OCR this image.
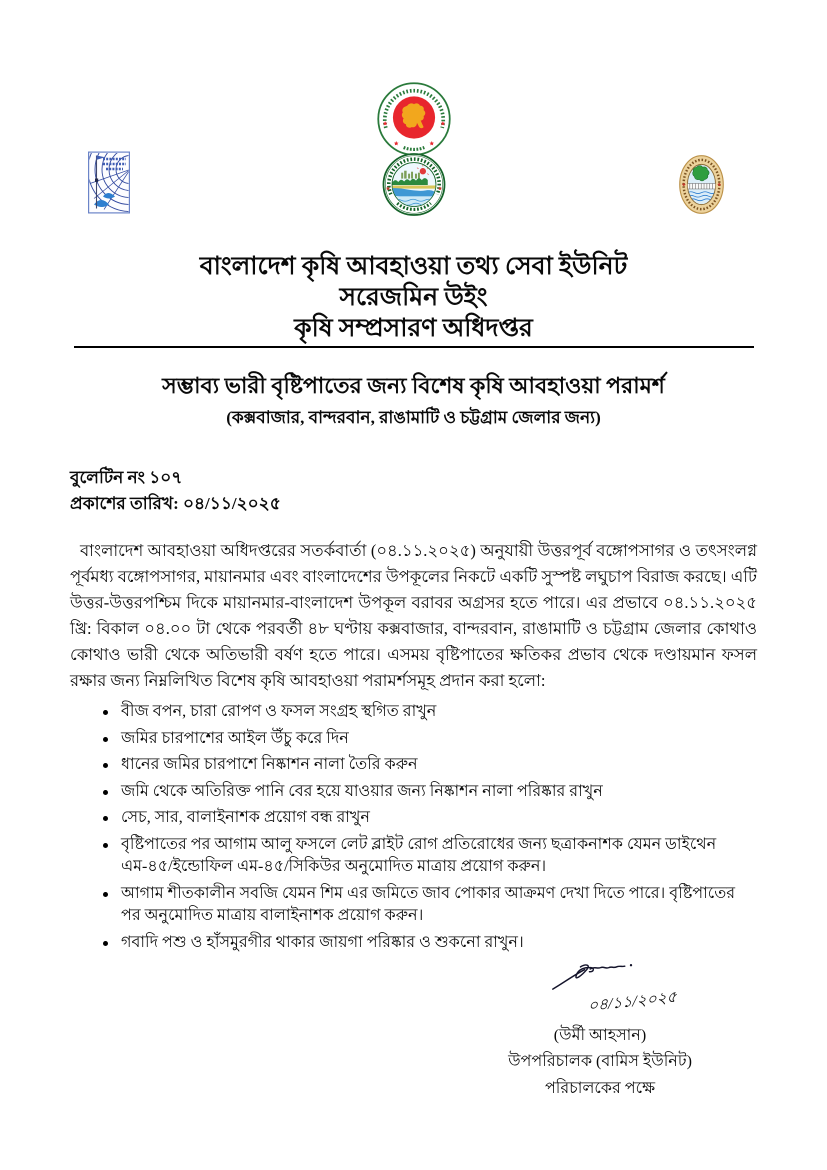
বাংলাদেশ কৃষি আবহাওয়া তথ্য সেবা ইউনিট
সরেজমিন উইং
কৃষি সম্প্রসারণ অধিদপ্তর
সম্ভাব্য ভারী বৃষ্টিপাতের জন্য বিশেষ কৃষি আবহাওয়া পরামর্শ
(কক্সবাজার, বান্দরবান, রাঙামাটি ও চট্টগ্রাম জেলার জন্য)
বুলেটিন নং ১০৭
প্রকাশের তারিখ: ০৪/১১/২০২৫

বাংলাদেশ আবহাওয়া অধিদপ্তরের সতর্কবার্তা (০৪.১১.২০২৫) অনুযায়ী উত্তরপূর্ব বঙ্গোপসাগর ও তৎসংলগ্ন পূর্বমধ্য বঙ্গোপসাগর, মায়ানমার এবং বাংলাদেশের উপকূলের নিকটে একটি সুস্পষ্ট লঘুচাপ বিরাজ করছে। এটি উত্তর-উত্তরপশ্চিম দিকে মায়ানমার-বাংলাদেশ উপকূল বরাবর অগ্রসর হতে পারে। এর প্রভাবে ০৪.১১.২০২৫ খ্রি: বিকাল ০৪.০০ টা থেকে পরবর্তী ৪৮ ঘণ্টায় কক্সবাজার, বান্দরবান, রাঙামাটি ও চট্টগ্রাম জেলার কোথাও কোথাও ভারী থেকে অতিভারী বর্ষণ হতে পারে। এসময় বৃষ্টিপাতের ক্ষতিকর প্রভাব থেকে দণ্ডায়মান ফসল রক্ষার জন্য নিম্নলিখিত বিশেষ কৃষি আবহাওয়া পরামর্শসমূহ প্রদান করা হলো:

বীজ বপন, চারা রোপণ ও ফসল সংগ্রহ স্থগিত রাখুন
জমির চারপাশের আইল উঁচু করে দিন
ধানের জমির চারপাশে নিষ্কাশন নালা তৈরি করুন
জমি থেকে অতিরিক্ত পানি বের হয়ে যাওয়ার জন্য নিষ্কাশন নালা পরিষ্কার রাখুন
সেচ, সার, বালাইনাশক প্রয়োগ বন্ধ রাখুন
বৃষ্টিপাতের পর আগাম আলু ফসলে লেট ব্লাইট রোগ প্রতিরোধের জন্য ছত্রাকনাশক যেমন ডাইথেন এম-৪৫/ইন্ডোফিল এম-৪৫/সিকিউর অনুমোদিত মাত্রায় প্রয়োগ করুন।
আগাম শীতকালীন সবজি যেমন শিম এর জমিতে জাব পোকার আক্রমণ দেখা দিতে পারে। বৃষ্টিপাতের পর অনুমোদিত মাত্রায় বালাইনাশক প্রয়োগ করুন।
গবাদি পশু ও হাঁসমুরগীর থাকার জায়গা পরিষ্কার ও শুকনো রাখুন।
০৪/১১/২০২৫
(উর্মী আহসান)
উপপরিচালক (বামিস ইউনিট)
পরিচালকের পক্ষে
